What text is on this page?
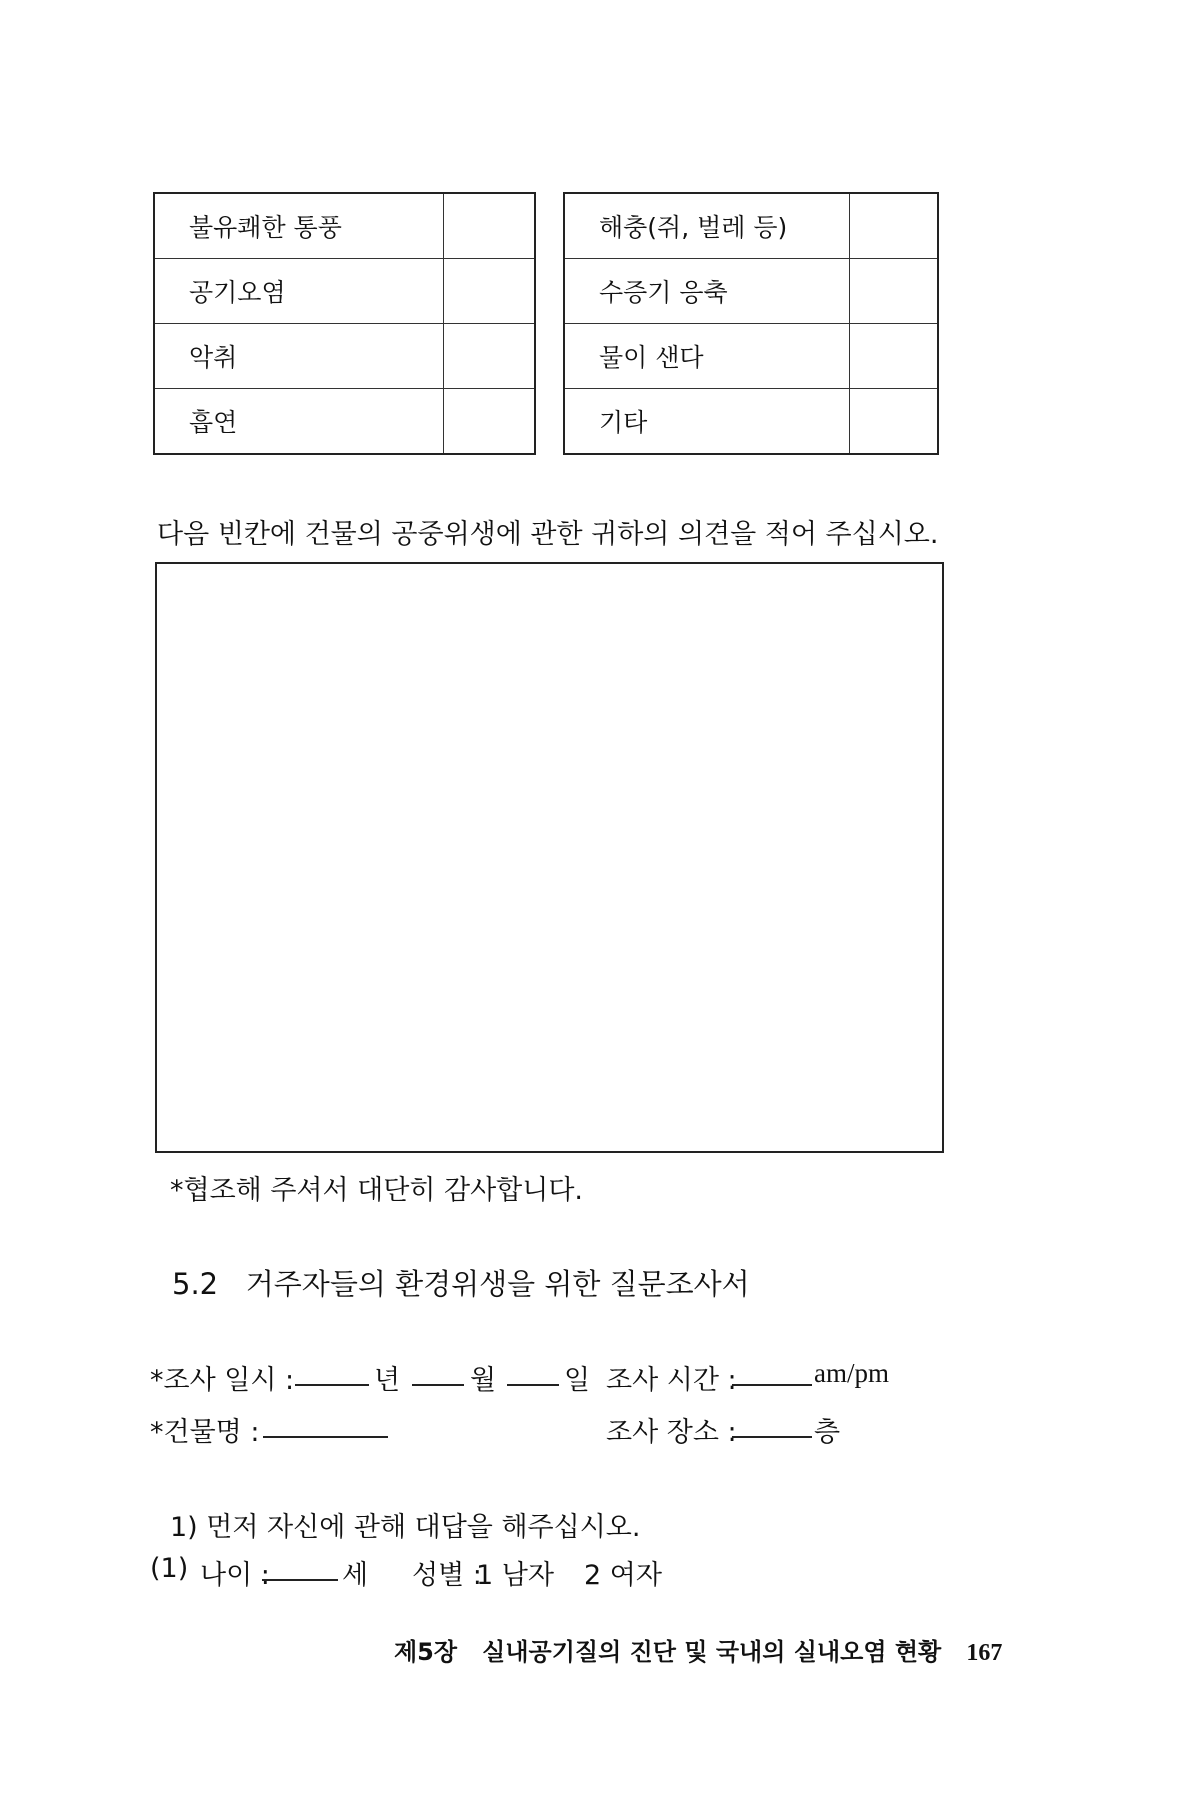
불유쾌한 통풍	
공기오염	
악취	
흡연	
해충(쥐, 벌레 등)	
수증기 응축	
물이 샌다	
기타	
다음 빈칸에 건물의 공중위생에 관한 귀하의 의견을 적어 주십시오.
*협조해 주셔서 대단히 감사합니다.
5.2 거주자들의 환경위생을 위한 질문조사서
*조사 일시 :	년	월	일 조사 시간 :	am/pm
*건물명 :	조사 장소 :	층
1) 먼저 자신에 관해 대답을 해주십시오.
(1) 나이 :	세 성별 :
1 남자 2 여자
제5장 실내공기질의 진단 및 국내의 실내오염 현황 167
